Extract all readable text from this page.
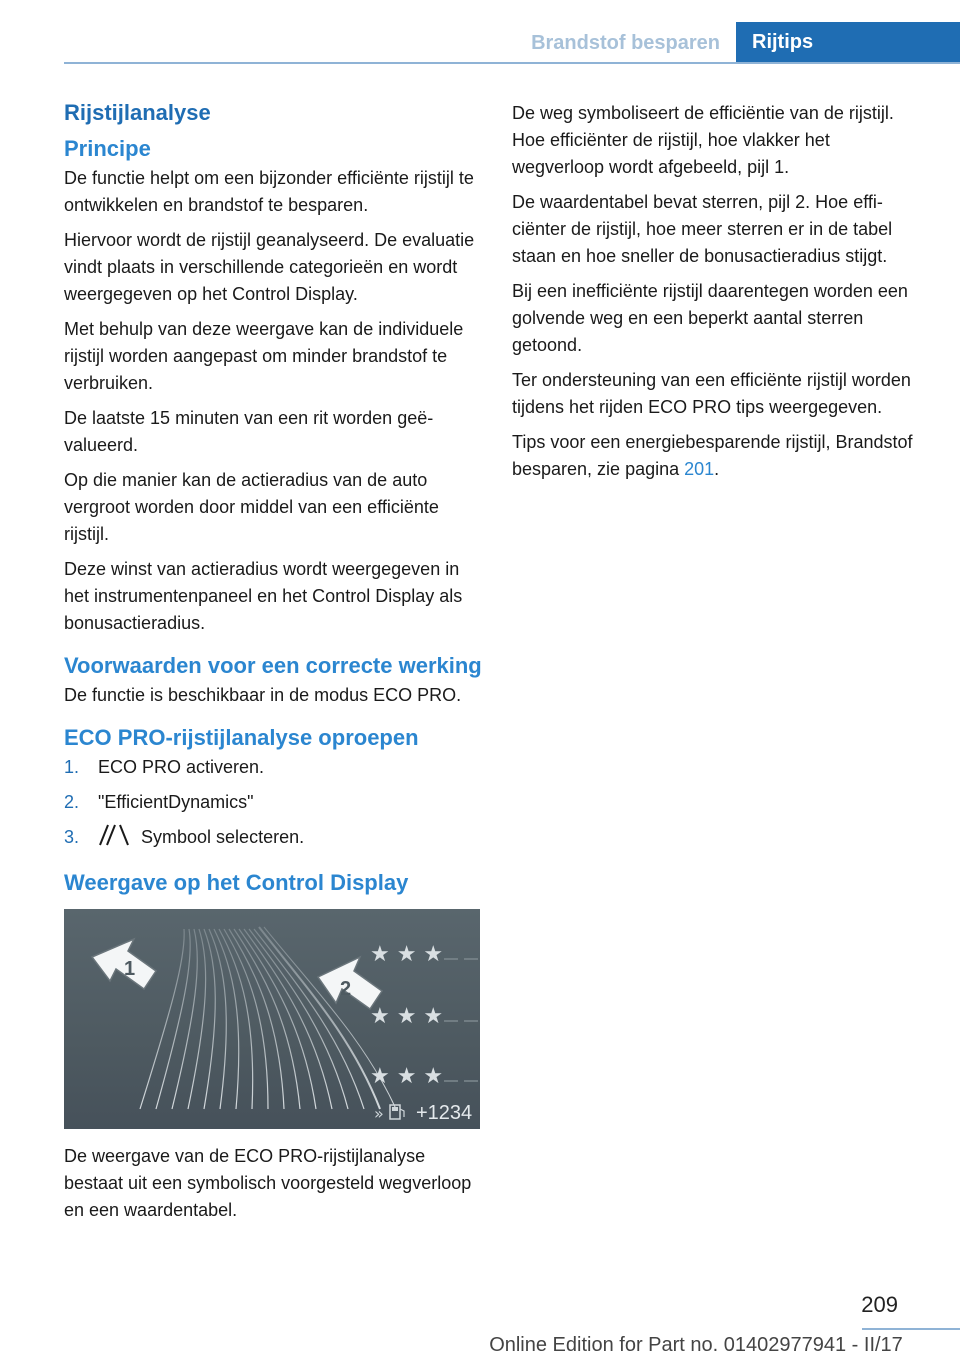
Brandstof besparen	Rijtips
Rijstijlanalyse
Principe

De functie helpt om een bijzonder efficiënte rijstijl te ontwikkelen en brandstof te besparen.

Hiervoor wordt de rijstijl geanalyseerd. De evaluatie vindt plaats in verschillende categorieën en wordt weergegeven op het Control Display.

Met behulp van deze weergave kan de individuele rijstijl worden aangepast om minder brandstof te verbruiken.

De laatste 15 minuten van een rit worden geëvalueerd.

Op die manier kan de actieradius van de auto vergroot worden door middel van een efficiënte rijstijl.

Deze winst van actieradius wordt weergegeven in het instrumentenpaneel en het Control Display als bonusactieradius.

Voorwaarden voor een correcte werking

De functie is beschikbaar in de modus ECO PRO.

ECO PRO-rijstijlanalyse oproepen
1. ECO PRO activeren.
2. "EfficientDynamics"
3.	Symbool selecteren.
Weergave op het Control Display
1
2
★ ★ ★
★ ★ ★
★ ★ ★
» +1234

De weergave van de ECO PRO-rijstijlanalyse bestaat uit een symbolisch voorgesteld wegverloop en een waardentabel.

De weg symboliseert de efficiëntie van de rijstijl. Hoe efficiënter de rijstijl, hoe vlakker het wegverloop wordt afgebeeld, pijl 1.

De waardentabel bevat sterren, pijl 2. Hoe efficiënter de rijstijl, hoe meer sterren er in de tabel staan en hoe sneller de bonusactieradius stijgt.

Bij een inefficiënte rijstijl daarentegen worden een golvende weg en een beperkt aantal sterren getoond.

Ter ondersteuning van een efficiënte rijstijl worden tijdens het rijden ECO PRO tips weergegeven.

Tips voor een energiebesparende rijstijl, Brandstof besparen, zie pagina 201.

209
Online Edition for Part no. 01402977941 - II/17
